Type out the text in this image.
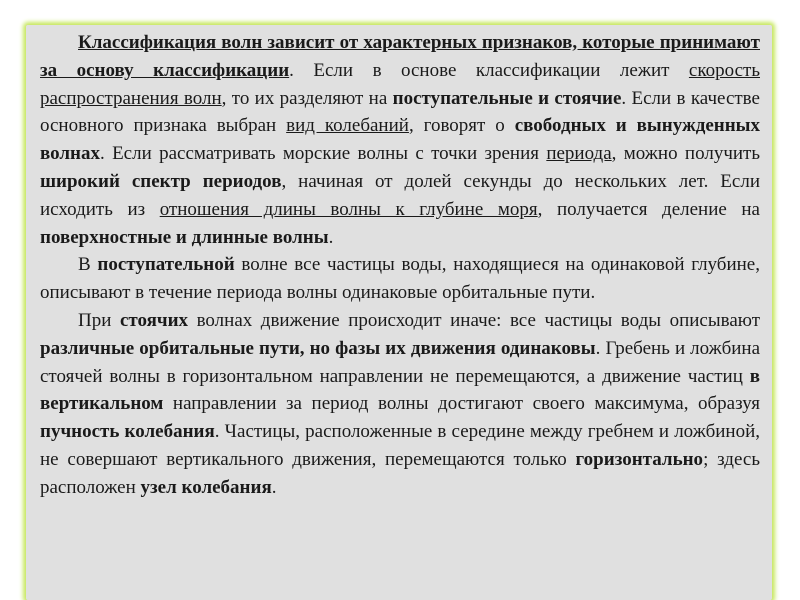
Классификация волн зависит от характерных признаков, которые принимают за основу классификации. Если в основе классификации лежит скорость распространения волн, то их разделяют на поступательные и стоячие. Если в качестве основного признака выбран вид колебаний, говорят о свободных и вынужденных волнах. Если рассматривать морские волны с точки зрения периода, можно получить широкий спектр периодов, начиная от долей секунды до нескольких лет. Если исходить из отношения длины волны к глубине моря, получается деление на поверхностные и длинные волны.

В поступательной волне все частицы воды, находящиеся на одинаковой глубине, описывают в течение периода волны одинаковые орбитальные пути.

При стоячих волнах движение происходит иначе: все частицы воды описывают различные орбитальные пути, но фазы их движения одинаковы. Гребень и ложбина стоячей волны в горизонтальном направлении не перемещаются, а движение частиц в вертикальном направлении за период волны достигают своего максимума, образуя пучность колебания. Частицы, расположенные в середине между гребнем и ложбиной, не совершают вертикального движения, перемещаются только горизонтально; здесь расположен узел колебания.
